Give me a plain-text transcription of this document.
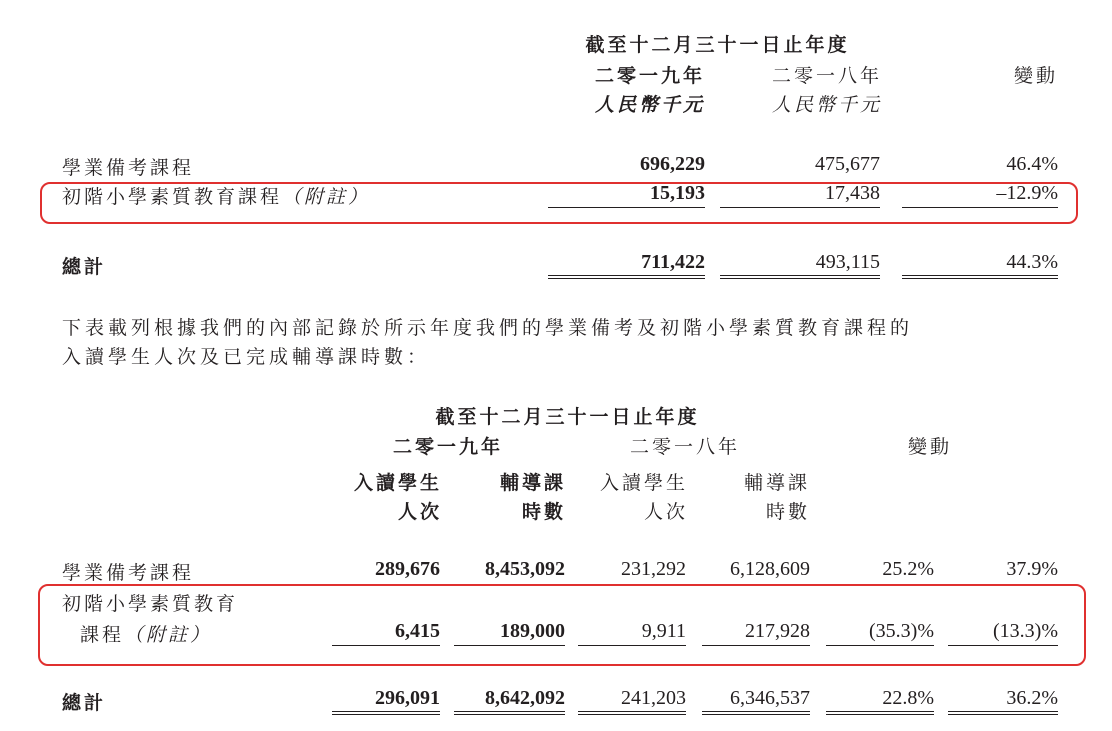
截至十二月三十一日止年度
二零一九年	二零一八年	變動
人民幣千元	人民幣千元
學業備考課程	696,229	475,677	46.4%
初階小學素質教育課程（附註）	15,193	17,438	–12.9%
總計	711,422	493,115	44.3%
下表載列根據我們的內部記錄於所示年度我們的學業備考及初階小學素質教育課程的
入讀學生人次及已完成輔導課時數：
截至十二月三十一日止年度
二零一九年	二零一八年	變動
入讀學生	輔導課	入讀學生	輔導課
人次	時數	人次	時數
學業備考課程	289,676	8,453,092	231,292	6,128,609	25.2%	37.9%
初階小學素質教育
課程（附註）	6,415	189,000	9,911	217,928	(35.3)%	(13.3)%
總計	296,091	8,642,092	241,203	6,346,537	22.8%	36.2%
